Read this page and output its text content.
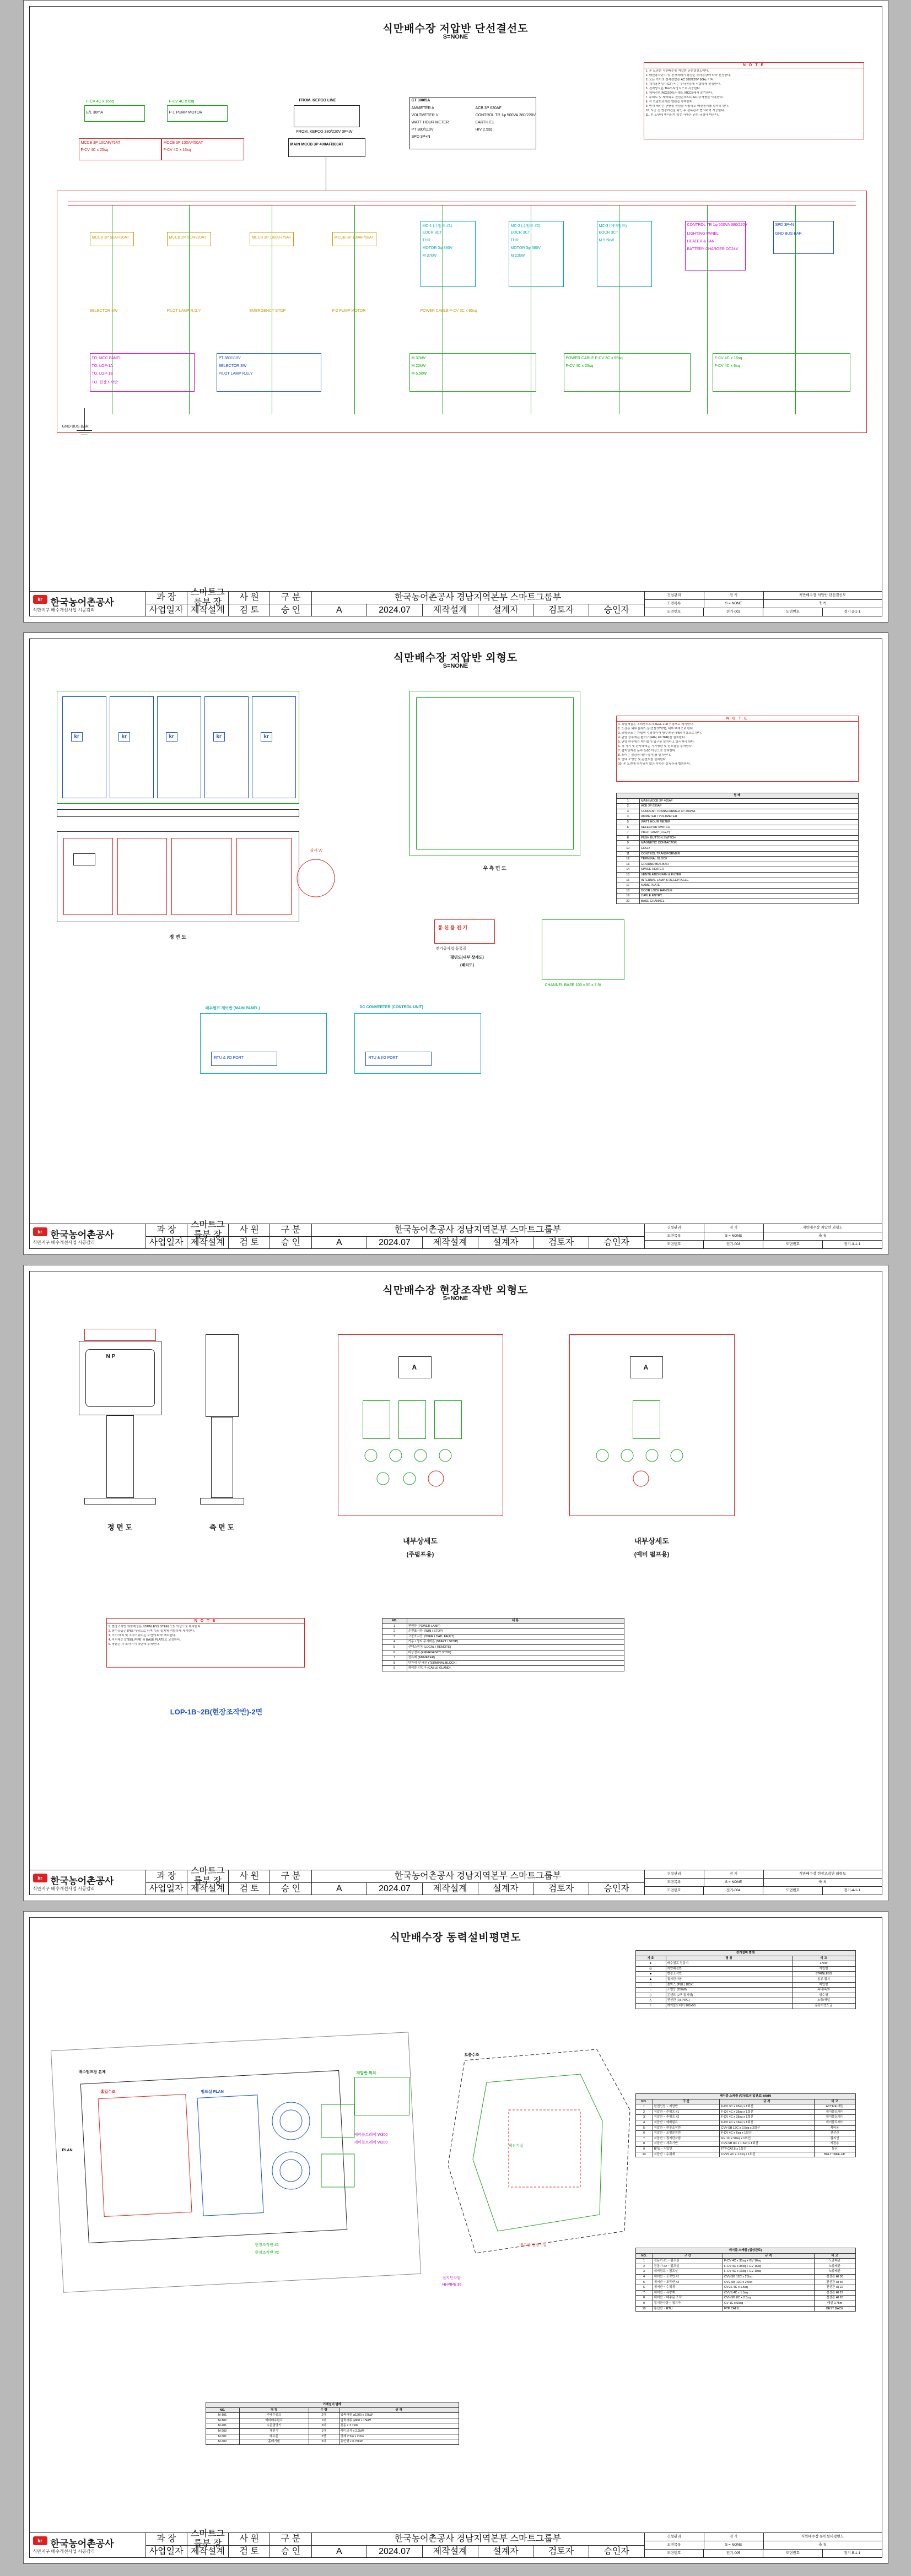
식만배수장 저압반 단선결선도
S=NONE
N O T E
1. 본 도면은 식만배수장 저압반 단선결선도이다.
2. 배선용차단기 및 전자개폐기 용량은 부하용량에 따라 선정한다.
3. 모든 기기의 정격전압은 AC 380/220V 60Hz 이다.
4. 계기용변성기(CT) 비는 부하전류에 적합하게 선정한다.
5. 접지방식은 TN-C-S 방식으로 시공한다.
6. 제어전원(AC220V)은 별도 MCCB에서 분기한다.
7. 주회로 및 제어회로 전선은 KS C IEC 규격품을 사용한다.
8. 각 인출회로에는 명판을 부착한다.
9. 반내 배선은 난연성 전선을 사용하고 배선정리를 철저히 한다.
10. 시공 전 현장여건을 확인 후 감독관과 협의하여 시공한다.
11. 본 도면에 명시되지 않은 사항은 관련 규정에 따른다.
FROM. KEPCO LINE
FROM. KEPCO 380/220V 3P4W
MAIN MCCB 3P 400AF/300AT
F-CV 4C x 16sq
E/L 30mA
F-CV 4C x 6sq
P-1 PUMP MOTOR
MCCB 3P 100AF/75AT
F-CV 4C x 25sq
MCCB 3P 100AF/50AT
F-CV 4C x 16sq
CT 300/5A
AMMETER A
VOLTMETER V
WATT HOUR METER
PT 380/110V
SPD 3P+N
ACB 3P 630AF
CONTROL TR 1φ 500VA 380/220V
EARTH E1
HIV 2.5sq
MCCB 3P 50AF/30AT	MCCB 2P 50AF/20AT	MCCB 3P 100AF/75AT	MCCB 3P 100AF/50AT
MC-1 (주펌프 #1)
EOCR 3CT
THR
MOTOR 3φ 380V
M 37kW
MC-2 (주펌프 #2)
EOCR 3CT
THR
MOTOR 3φ 380V
M 22kW
MC-3 (예비펌프)
EOCR 3CT
M 5.5kW
CONTROL TR 1φ 500VA 380/220V
LIGHTING PANEL
HEATER & FAN
BATTERY CHARGER DC24V
SPD 3P+N
GND BUS BAR
SELECTOR SW	PILOT LAMP R,G,Y	EMERGENCY STOP	P-2 PUMP MOTOR	POWER CABLE F-CV 3C x 95sq
TO. MCC PANEL
TO. LOP-1A
TO. LOP-1B
TO. 현장조작반
PT 380/110V
SELECTOR SW
PILOT LAMP R,G,Y
M 37kW
M 22kW
M 5.5kW
POWER CABLE F-CV 3C x 95sq
F-CV 4C x 25sq
F-CV 4C x 16sq
F-CV 4C x 6sq
GND BUS BAR
kr 한국농어촌공사
식만지구 배수개선사업 시공감리
과 장
스마트그룹부 장
사 원	구 분
사업일자 제작설계	검 토	승 인
한국농어촌공사 경남지역본부 스마트그룹부
A	2024.07	제작설계	설계자	검토자	승인자
건설관리	전 기	저만배수장 저압반 단선결선도
도면목록	S = NONE	축 척
도면번호	전기-002	도면번호	경기-2-1-1
식만배수장 저압반 외형도
S=NONE
kr	kr	kr	kr	kr
정 면 도
우 측 면 도
상세 'A'
N O T E
1. 외함재질은 옥외형으로 STEEL 2.3t 이상으로 제작한다.
2. 도장은 외부 분체도장(먼셀 5Y7/1), 내부 백색으로 한다.
3. 외함구조는 자립형 옥외형이며 방수/방진 IP54 이상으로 한다.
4. 판넬 상부에는 환기구(FAN, FILTER)를 설치한다.
5. 판넬 하부에는 케이블 인입구를 설치하고 방서처리 한다.
6. 각 기기 및 단자대에는 기기명판 및 번호찰을 부착한다.
7. 접지단자는 동바 6x50 이상으로 설치한다.
8. 도어는 잠금장치(키 방식)를 설치한다.
9. 반내 조명등 및 콘센트를 설치한다.
10. 본 도면에 명시되지 않은 사항은 감독관과 협의한다.
범 례	
1	MAIN MCCB 3P 400AF
2	ACB 3P 630AF
3	CURRENT TRANSFORMER CT 300/5A
4	AMMETER / VOLTMETER
5	WATT HOUR METER
6	SELECTOR SWITCH
7	PILOT LAMP (R,G,Y)
8	PUSH BUTTON SWITCH
9	MAGNETIC CONTACTOR
10	EOCR
11	CONTROL TRANSFORMER
12	TERMINAL BLOCK
13	GROUND BUS BAR
14	SPACE HEATER
15	VENTILATION FAN & FILTER
16	INTERNAL LAMP & RECEPTACLE
17	NAME PLATE
18	DOOR LOCK HANDLE
19	CABLE ENTRY
20	BASE CHANNEL
통 신 용 전 기
전기공사업 등록증
평면도(내부 상세도)
(배치도)
CHANNEL BASE 100 x 50 x 7.5t
배수펌프 제어반 (MAIN PANEL)	DC CONVERTER (CONTROL UNIT)
RTU & I/O PORT
RTU & I/O PORT
kr 한국농어촌공사
식만지구 배수개선사업 시공감리
과 장
스마트그룹부 장
사 원	구 분
사업일자 제작설계	검 토	승 인
한국농어촌공사 경남지역본부 스마트그룹부
A	2024.07	제작설계	설계자	검토자	승인자
건설관리	전 기	저만배수장 저압반 외형도
도면목록	S = NONE	축 척
도면번호	전기-003	도면번호	경기-3-1-1
식만배수장 현장조작반 외형도
S=NONE
N P
정 면 도	측 면 도
A
내부상세도
(주펌프용)
A
내부상세도
(예비 펌프용)
N O T E
1. 현장조작반 외함재질은 STAINLESS STEEL 1.5t 이상으로 제작한다.
2. 방수등급은 IP65 이상으로 하며 옥외 설치에 적합하게 제작한다.
3. 기기 배치 및 조작스위치는 도면에 따라 배치한다.
4. 지지대는 STEEL PIPE 및 BASE PLATE로 고정한다.
5. 명판은 각 조작기기 하단에 부착한다.
NO.	내 용
1	전원등 (POWER LAMP)
2	운전표시등 (RUN / STOP)
3	고장표시등 (OVER LOAD, FAULT)
4	기동 / 정지 푸시버튼 (START / STOP)
5	선택스위치 (LOCAL / REMOTE)
6	비상정지 (EMERGENCY STOP)
7	전류계 (AMMETER)
8	단자대 및 배선 (TERMINAL BLOCK)
9	케이블 인입구 (CABLE GLAND)
LOP-1B~2B(현장조작반)-2면
kr 한국농어촌공사
식만지구 배수개선사업 시공감리
과 장
스마트그룹부 장
사 원	구 분
사업일자 제작설계	검 토	승 인
한국농어촌공사 경남지역본부 스마트그룹부
A	2024.07	제작설계	설계자	검토자	승인자
건설관리	전 기	식만배수장 현장조작반 외형도
도면목록	S = NONE	축 척
도면번호	전기-004	도면번호	경기-4-1-1
식만배수장 동력설비평면도
전기설비 범례		
기 호	명 칭	비 고
●	배수펌프 전동기	37kW
◎	저압배전반	자립형
■	현장조작반	STAINLESS
▲	접지단자함	동봉 접지
□	풀박스 (PULL BOX)	매입형
○	조명등 (250W)	옥내/옥외
◇	콘센트 (2구 접지형)	방수형
△	전선관 (HI-PIPE)	노출/매입
＋	케이블트레이 100x50	용융아연도금
케이블 스케쥴 (입상로/인입관로)-MAIN			
NO.	구 간	규 격	비 고
1	한전인입 ~ 저압반	F-CV 3C x 95sq x 1회선	ACTIVE 매입
2	저압반 ~ 주펌프 #1	F-CV 4C x 35sq x 1회선	케이블트레이
3	저압반 ~ 주펌프 #2	F-CV 4C x 35sq x 1회선	케이블트레이
4	저압반 ~ 예비펌프	F-CV 4C x 16sq x 1회선	케이블트레이
5	저압반 ~ 현장조작반	CVV-SB 12C x 2.5sq x 2회선	제어용
6	저압반 ~ 조명분전반	F-CV 4C x 6sq x 1회선	전선관
7	저압반 ~ 접지단자함	GV 1C x 50sq x 1회선	접지선
8	저압반 ~ 계측기반	CVV-SB 8C x 1.5sq x 1회선	계장용
9	RTU ~ 저압반	FTP CAT.6 x 1회선	통신
10	저압반 ~ 수위계	CVVS 4C x 1.5sq x 1회선	BELT TAKE-UP
케이블 스케쥴 (입상관로)			
NO.	구 간	규 격	비 고
1	전동기 #1 ~ 펌프실	F-CV 4C x 35sq + GV 16sq	노출배관
2	전동기 #2 ~ 펌프실	F-CV 4C x 35sq + GV 16sq	노출배관
3	예비펌프 ~ 펌프실	F-CV 4C x 16sq + GV 10sq	노출배관
4	제어반 ~ 조작반 #1	CVV-SB 12C x 2.5sq	전선관 HI 36
5	제어반 ~ 조작반 #2	CVV-SB 12C x 2.5sq	전선관 HI 36
6	제어반 ~ 수위계	CVVS 4C x 1.5sq	전선관 HI 22
7	제어반 ~ 유량계	CVVS 4C x 1.5sq	전선관 HI 22
8	제어반 ~ 배수문 조작	CVV-SB 8C x 2.5sq	전선관 HI 28
9	접지단자함 ~ 접지극	GV 1C x 50sq	매설 0.75m
10	통신반 ~ RTU	FTP CAT.6	BEST BACK
기계설비 범례			
NO.	명 칭	수 량	규 격
M-101	주배수펌프	2대	입축사류 φ1200 x 37kW
M-102	예비배수펌프	1대	입축사류 φ800 x 15kW
M-201	수문권양기	2대	전동 x 3.7kW
M-202	제진기	1대	레이크식 x 2.2kW
M-301	배수문	2면	강재 2.5m x 2.0m
M-302	흡배기팬	2대	유인형 x 0.75kW
저압반 위치
흡입수조	펌프실 PLAN
배수펌프장 본체
케이블트레이 W300
케이블트레이 W200
현장조작반 #1
현장조작반 #2
PLAN
토출수조
제진기실
배수문 권양기실
접지단자함
HI-PIPE 36
kr 한국농어촌공사
식만지구 배수개선사업 시공감리
과 장
스마트그룹부 장
사 원	구 분
사업일자 제작설계	검 토	승 인
한국농어촌공사 경남지역본부 스마트그룹부
A	2024.07	제작설계	설계자	검토자	승인자
건설관리	전 기	식만배수장 동력설비평면도
도면목록	S = NONE	축 척
도면번호	전기-005	도면번호	경기-5-1-1
